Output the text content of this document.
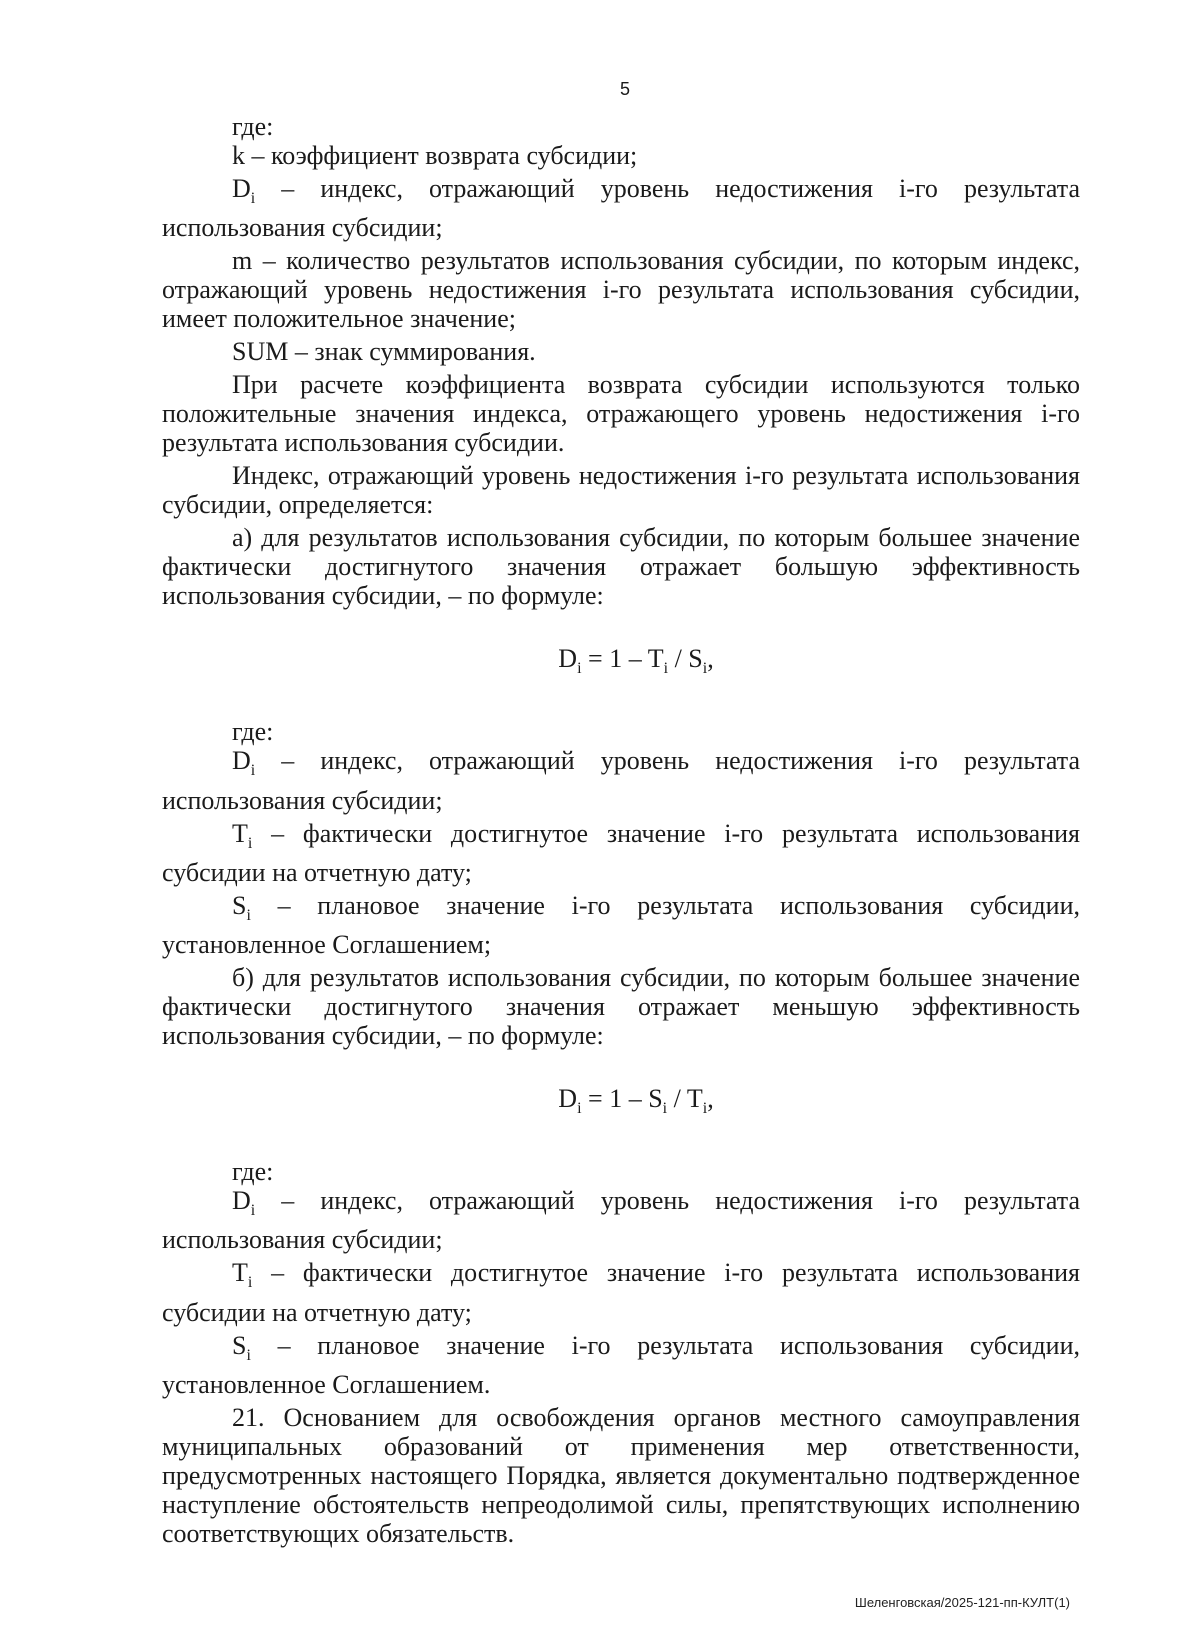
5

где:

k – коэффициент возврата субсидии;

$D_i$ – индекс, отражающий уровень недостижения i-го результата использования субсидии;

m – количество результатов использования субсидии, по которым индекс, отражающий уровень недостижения i-го результата использования субсидии, имеет положительное значение;

SUM – знак суммирования.

При расчете коэффициента возврата субсидии используются только положительные значения индекса, отражающего уровень недостижения i-го результата использования субсидии.

Индекс, отражающий уровень недостижения i-го результата использования субсидии, определяется:

а) для результатов использования субсидии, по которым большее значение фактически достигнутого значения отражает большую эффективность использования субсидии, – по формуле:

$D_i = 1 - T_i / S_i$,

где:

$D_i$ – индекс, отражающий уровень недостижения i-го результата использования субсидии;

$T_i$ – фактически достигнутое значение i-го результата использования субсидии на отчетную дату;

$S_i$ – плановое значение i-го результата использования субсидии, установленное Соглашением;

б) для результатов использования субсидии, по которым большее значение фактически достигнутого значения отражает меньшую эффективность использования субсидии, – по формуле:

$D_i = 1 - S_i / T_i$,

где:

$D_i$ – индекс, отражающий уровень недостижения i-го результата использования субсидии;

$T_i$ – фактически достигнутое значение i-го результата использования субсидии на отчетную дату;

$S_i$ – плановое значение i-го результата использования субсидии, установленное Соглашением.

21. Основанием для освобождения органов местного самоуправления муниципальных образований от применения мер ответственности, предусмотренных настоящего Порядка, является документально подтвержденное наступление обстоятельств непреодолимой силы, препятствующих исполнению соответствующих обязательств.

Шеленговская/2025-121-пп-КУЛТ(1)
